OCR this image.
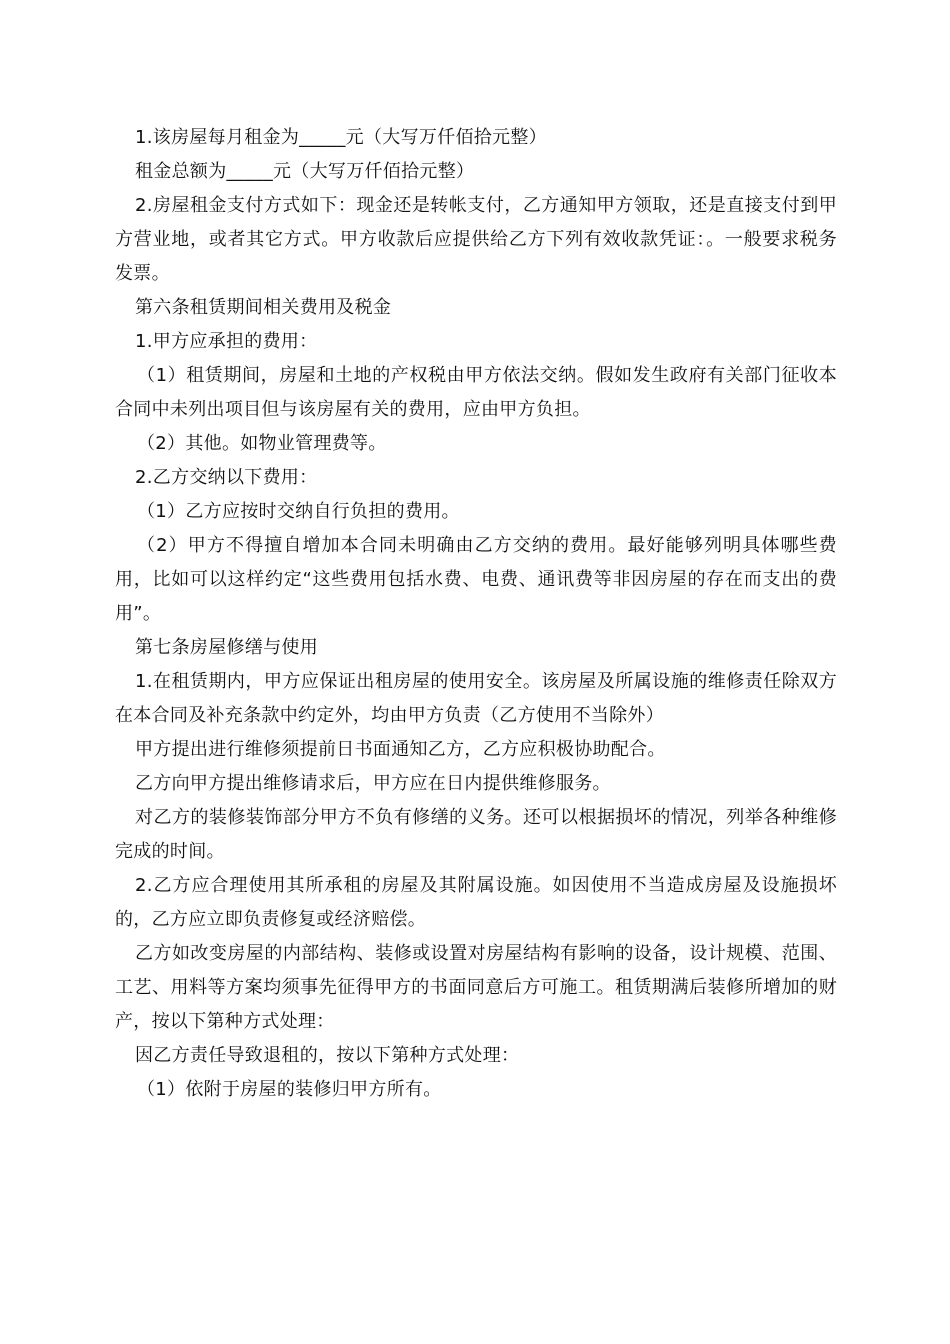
1.该房屋每月租金为_____元（大写万仟佰拾元整）

租金总额为_____元（大写万仟佰拾元整）

2.房屋租金支付方式如下：现金还是转帐支付，乙方通知甲方领取，还是直接支付到甲方营业地，或者其它方式。甲方收款后应提供给乙方下列有效收款凭证：。一般要求税务发票。

第六条租赁期间相关费用及税金

1.甲方应承担的费用：

（1）租赁期间，房屋和土地的产权税由甲方依法交纳。假如发生政府有关部门征收本合同中未列出项目但与该房屋有关的费用，应由甲方负担。

（2）其他。如物业管理费等。

2.乙方交纳以下费用：

（1）乙方应按时交纳自行负担的费用。

（2）甲方不得擅自增加本合同未明确由乙方交纳的费用。最好能够列明具体哪些费用，比如可以这样约定“这些费用包括水费、电费、通讯费等非因房屋的存在而支出的费用”。

第七条房屋修缮与使用

1.在租赁期内，甲方应保证出租房屋的使用安全。该房屋及所属设施的维修责任除双方在本合同及补充条款中约定外，均由甲方负责（乙方使用不当除外）

甲方提出进行维修须提前日书面通知乙方，乙方应积极协助配合。

乙方向甲方提出维修请求后，甲方应在日内提供维修服务。

对乙方的装修装饰部分甲方不负有修缮的义务。还可以根据损坏的情况，列举各种维修完成的时间。

2.乙方应合理使用其所承租的房屋及其附属设施。如因使用不当造成房屋及设施损坏的，乙方应立即负责修复或经济赔偿。

乙方如改变房屋的内部结构、装修或设置对房屋结构有影响的设备，设计规模、范围、工艺、用料等方案均须事先征得甲方的书面同意后方可施工。租赁期满后装修所增加的财产，按以下第种方式处理：

因乙方责任导致退租的，按以下第种方式处理：

（1）依附于房屋的装修归甲方所有。
